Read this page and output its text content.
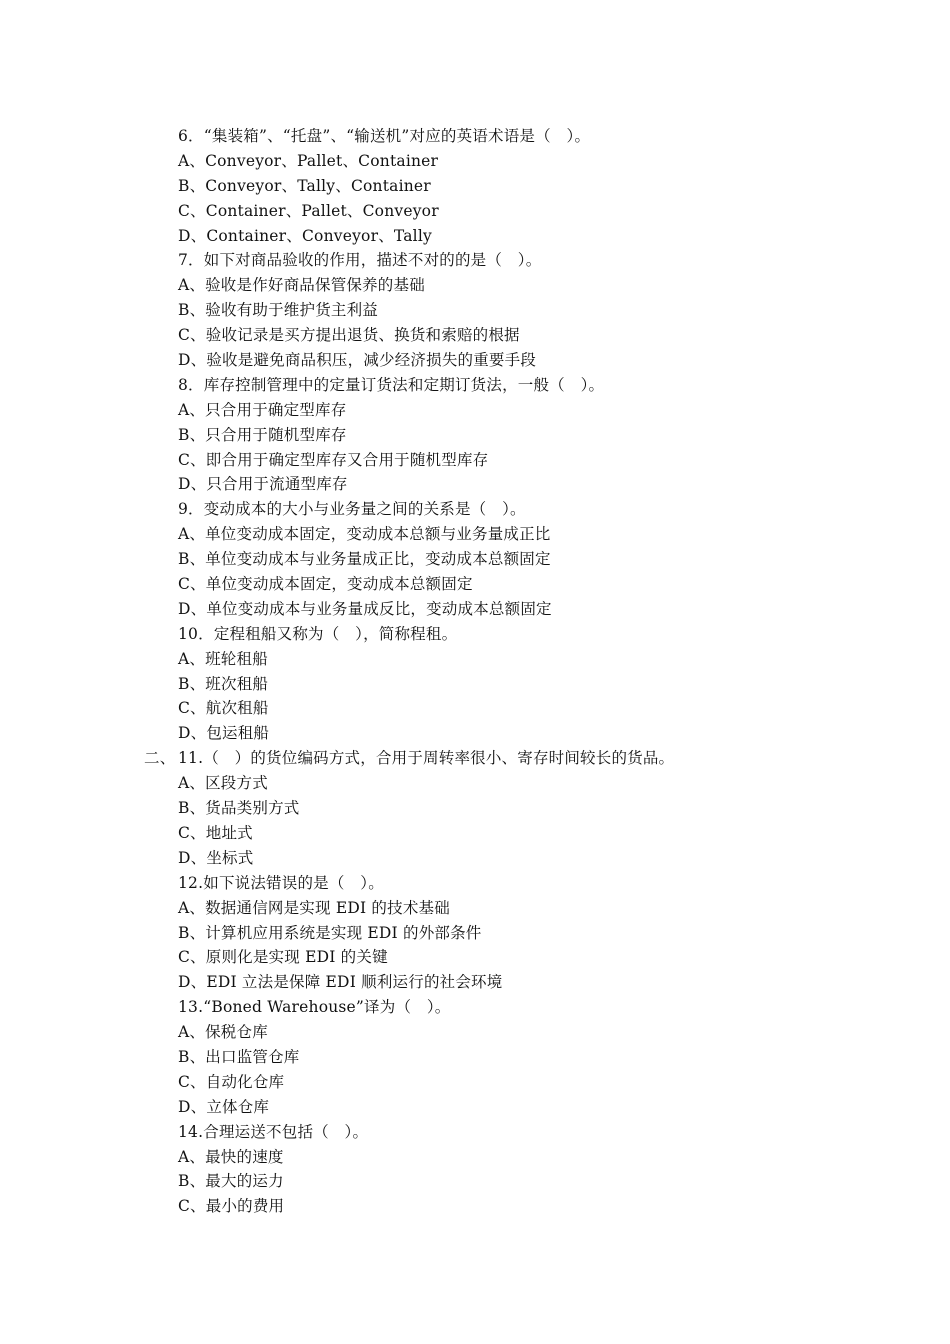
6．“集装箱”、“托盘”、“输送机”对应的英语术语是（　）。
A、Conveyor、Pallet、Container
B、Conveyor、Tally、Container
C、Container、Pallet、Conveyor
D、Container、Conveyor、Tally
7．如下对商品验收的作用，描述不对的的是（　）。
A、验收是作好商品保管保养的基础
B、验收有助于维护货主利益
C、验收记录是买方提出退货、换货和索赔的根据
D、验收是避免商品积压，减少经济损失的重要手段
8．库存控制管理中的定量订货法和定期订货法，一般（　）。
A、只合用于确定型库存
B、只合用于随机型库存
C、即合用于确定型库存又合用于随机型库存
D、只合用于流通型库存
9．变动成本的大小与业务量之间的关系是（　）。
A、单位变动成本固定，变动成本总额与业务量成正比
B、单位变动成本与业务量成正比，变动成本总额固定
C、单位变动成本固定，变动成本总额固定
D、单位变动成本与业务量成反比，变动成本总额固定
10．定程租船又称为（　），简称程租。
A、班轮租船
B、班次租船
C、航次租船
D、包运租船
二、 11.（　）的货位编码方式，合用于周转率很小、寄存时间较长的货品。
A、区段方式
B、货品类别方式
C、地址式
D、坐标式
12.如下说法错误的是（　）。
A、数据通信网是实现 EDI 的技术基础
B、计算机应用系统是实现 EDI 的外部条件
C、原则化是实现 EDI 的关键
D、EDI 立法是保障 EDI 顺利运行的社会环境
13.“Boned Warehouse”译为（　）。
A、保税仓库
B、出口监管仓库
C、自动化仓库
D、立体仓库
14.合理运送不包括（　）。
A、最快的速度
B、最大的运力
C、最小的费用
